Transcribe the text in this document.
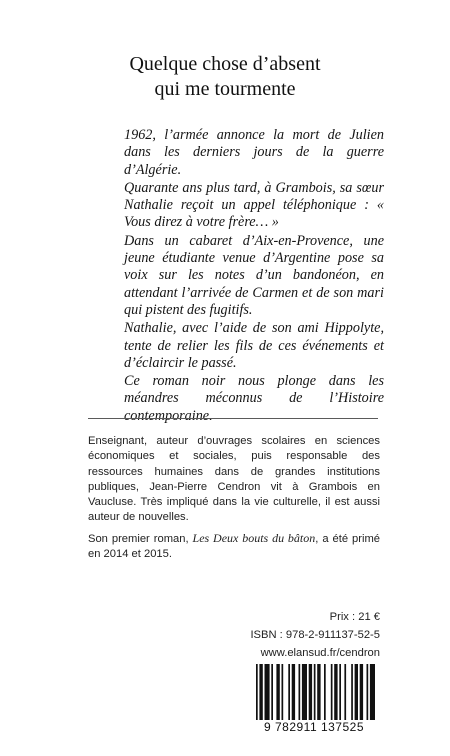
Quelque chose d’absent
qui me tourmente

1962, l’armée annonce la mort de Julien dans les derniers jours de la guerre d’Algérie.

Quarante ans plus tard, à Grambois, sa sœur Nathalie reçoit un appel téléphonique : « Vous direz à votre frère… »

Dans un cabaret d’Aix-en-Provence, une jeune étudiante venue d’Argentine pose sa voix sur les notes d’un bandonéon, en attendant l’arrivée de Carmen et de son mari qui pistent des fugitifs.

Nathalie, avec l’aide de son ami Hippolyte, tente de relier les fils de ces événements et d’éclaircir le passé.

Ce roman noir nous plonge dans les méandres méconnus de l’Histoire contemporaine.

Enseignant, auteur d’ouvrages scolaires en sciences économiques et sociales, puis responsable des ressources humaines dans de grandes institutions publiques, Jean-Pierre Cendron vit à Grambois en Vaucluse. Très impliqué dans la vie culturelle, il est aussi auteur de nouvelles.

Son premier roman, Les Deux bouts du bâton, a été primé en 2014 et 2015.

Prix : 21 €
ISBN : 978-2-911137-52-5
www.elansud.fr/cendron
9 782911 137525
